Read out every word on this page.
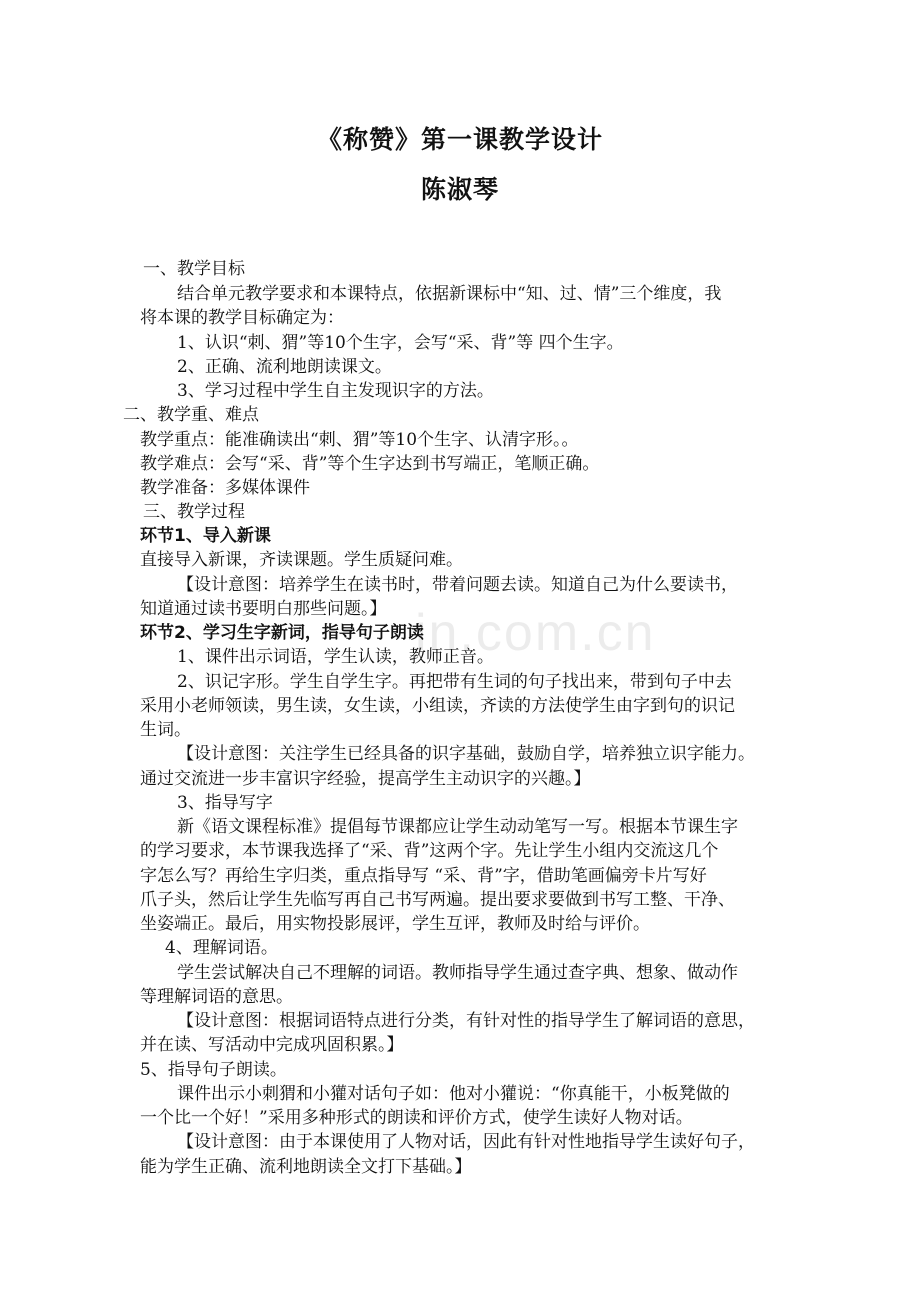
《称赞》第一课教学设计
陈淑琴
in.com.cn

一、教学目标

结合单元教学要求和本课特点，依据新课标中“知、过、情”三个维度，我

将本课的教学目标确定为：

1、认识“刺、猬”等10个生字，会写“采、背”等 四个生字。

2、正确、流利地朗读课文。

3、学习过程中学生自主发现识字的方法。

二、教学重、难点

教学重点：能准确读出“刺、猬”等10个生字、认清字形。。

教学难点：会写“采、背”等个生字达到书写端正，笔顺正确。

教学准备：多媒体课件

三、教学过程

环节1、导入新课

直接导入新课，齐读课题。学生质疑问难。

【设计意图：培养学生在读书时，带着问题去读。知道自己为什么要读书，

知道通过读书要明白那些问题。】

环节2、学习生字新词，指导句子朗读

1、课件出示词语，学生认读，教师正音。

2、识记字形。学生自学生字。再把带有生词的句子找出来，带到句子中去

采用小老师领读，男生读，女生读，小组读，齐读的方法使学生由字到句的识记

生词。

【设计意图：关注学生已经具备的识字基础，鼓励自学，培养独立识字能力。

通过交流进一步丰富识字经验，提高学生主动识字的兴趣。】

3、指导写字

新《语文课程标准》提倡每节课都应让学生动动笔写一写。根据本节课生字

的学习要求，本节课我选择了“采、背”这两个字。先让学生小组内交流这几个

字怎么写？再给生字归类，重点指导写 “采、背”字，借助笔画偏旁卡片写好

爪子头，然后让学生先临写再自己书写两遍。提出要求要做到书写工整、干净、

坐姿端正。最后，用实物投影展评，学生互评，教师及时给与评价。

4、理解词语。

学生尝试解决自己不理解的词语。教师指导学生通过查字典、想象、做动作

等理解词语的意思。

【设计意图：根据词语特点进行分类，有针对性的指导学生了解词语的意思，

并在读、写活动中完成巩固积累。】

5、指导句子朗读。

课件出示小刺猬和小獾对话句子如：他对小獾说：“你真能干，小板凳做的

一个比一个好！”采用多种形式的朗读和评价方式，使学生读好人物对话。

【设计意图：由于本课使用了人物对话，因此有针对性地指导学生读好句子，

能为学生正确、流利地朗读全文打下基础。】
